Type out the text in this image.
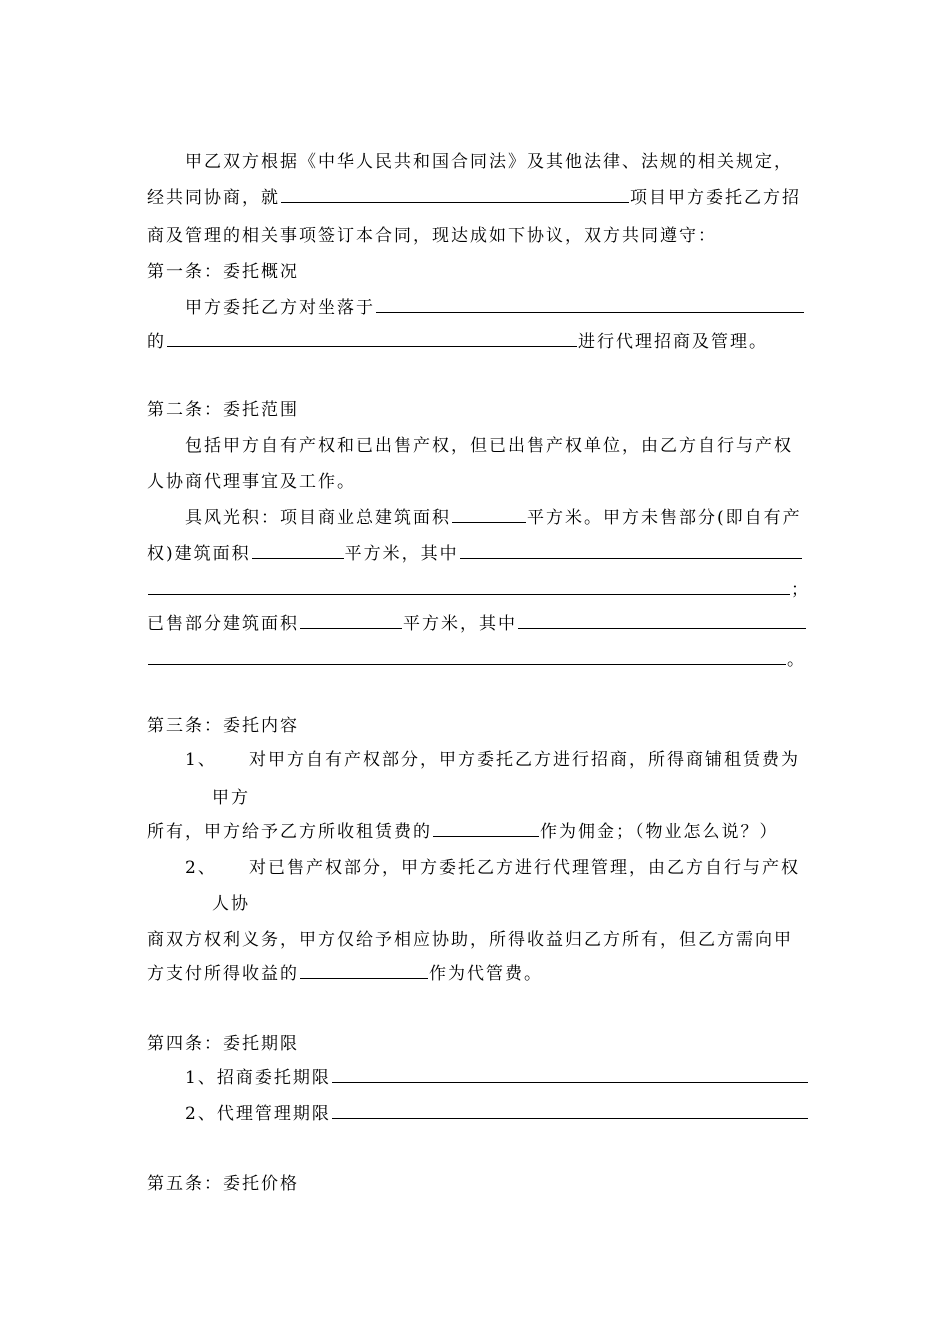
甲乙双方根据《中华人民共和国合同法》及其他法律、法规的相关规定，
经共同协商，就	项目甲方委托乙方招
商及管理的相关事项签订本合同，现达成如下协议，双方共同遵守：
第一条：委托概况
甲方委托乙方对坐落于
的	进行代理招商及管理。
第二条：委托范围
包括甲方自有产权和已出售产权，但已出售产权单位，由乙方自行与产权
人协商代理事宜及工作。
具风光积：项目商业总建筑面积	平方米。甲方未售部分(即自有产
权)建筑面积	平方米，其中
；
已售部分建筑面积	平方米，其中
。
第三条：委托内容
1、 对甲方自有产权部分，甲方委托乙方进行招商，所得商铺租赁费为
甲方
所有，甲方给予乙方所收租赁费的	作为佣金；（物业怎么说？）
2、 对已售产权部分，甲方委托乙方进行代理管理，由乙方自行与产权
人协
商双方权利义务，甲方仅给予相应协助，所得收益归乙方所有，但乙方需向甲
方支付所得收益的	作为代管费。
第四条：委托期限
1、招商委托期限
2、代理管理期限
第五条：委托价格
